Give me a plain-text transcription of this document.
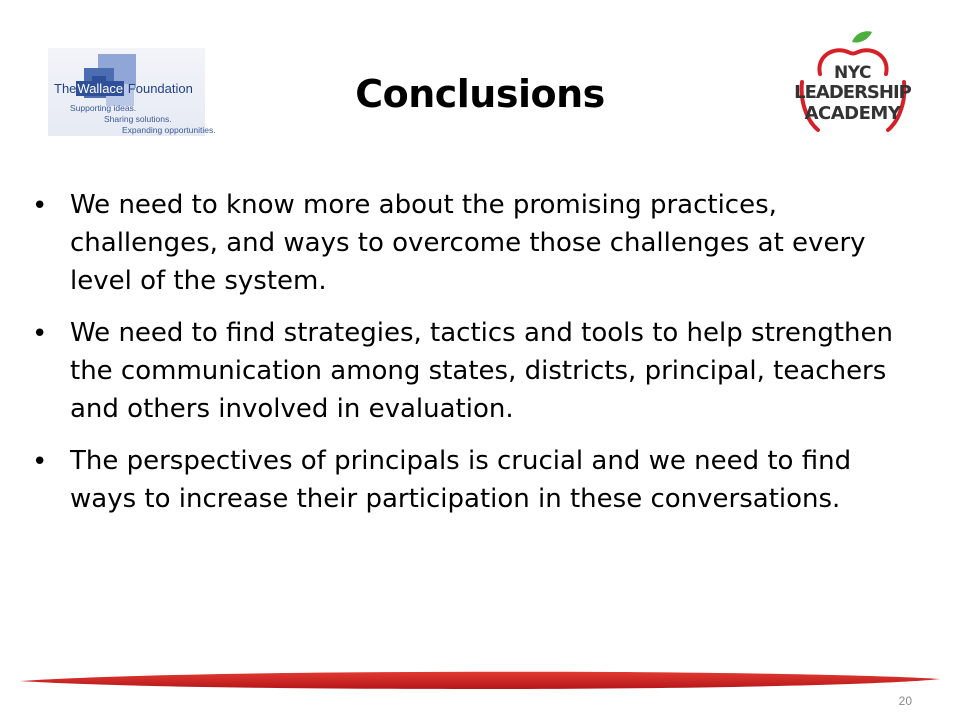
TheWallace Foundation
Supporting ideas.
Sharing solutions.
Expanding opportunities.
Conclusions	NYC
LEADERSHIP
ACADEMY
• We need to know more about the promising practices, challenges, and ways to overcome those challenges at every level of the system.
• We need to find strategies, tactics and tools to help strengthen the communication among states, districts, principal, teachers and others involved in evaluation.
• The perspectives of principals is crucial and we need to find ways to increase their participation in these conversations.
20
